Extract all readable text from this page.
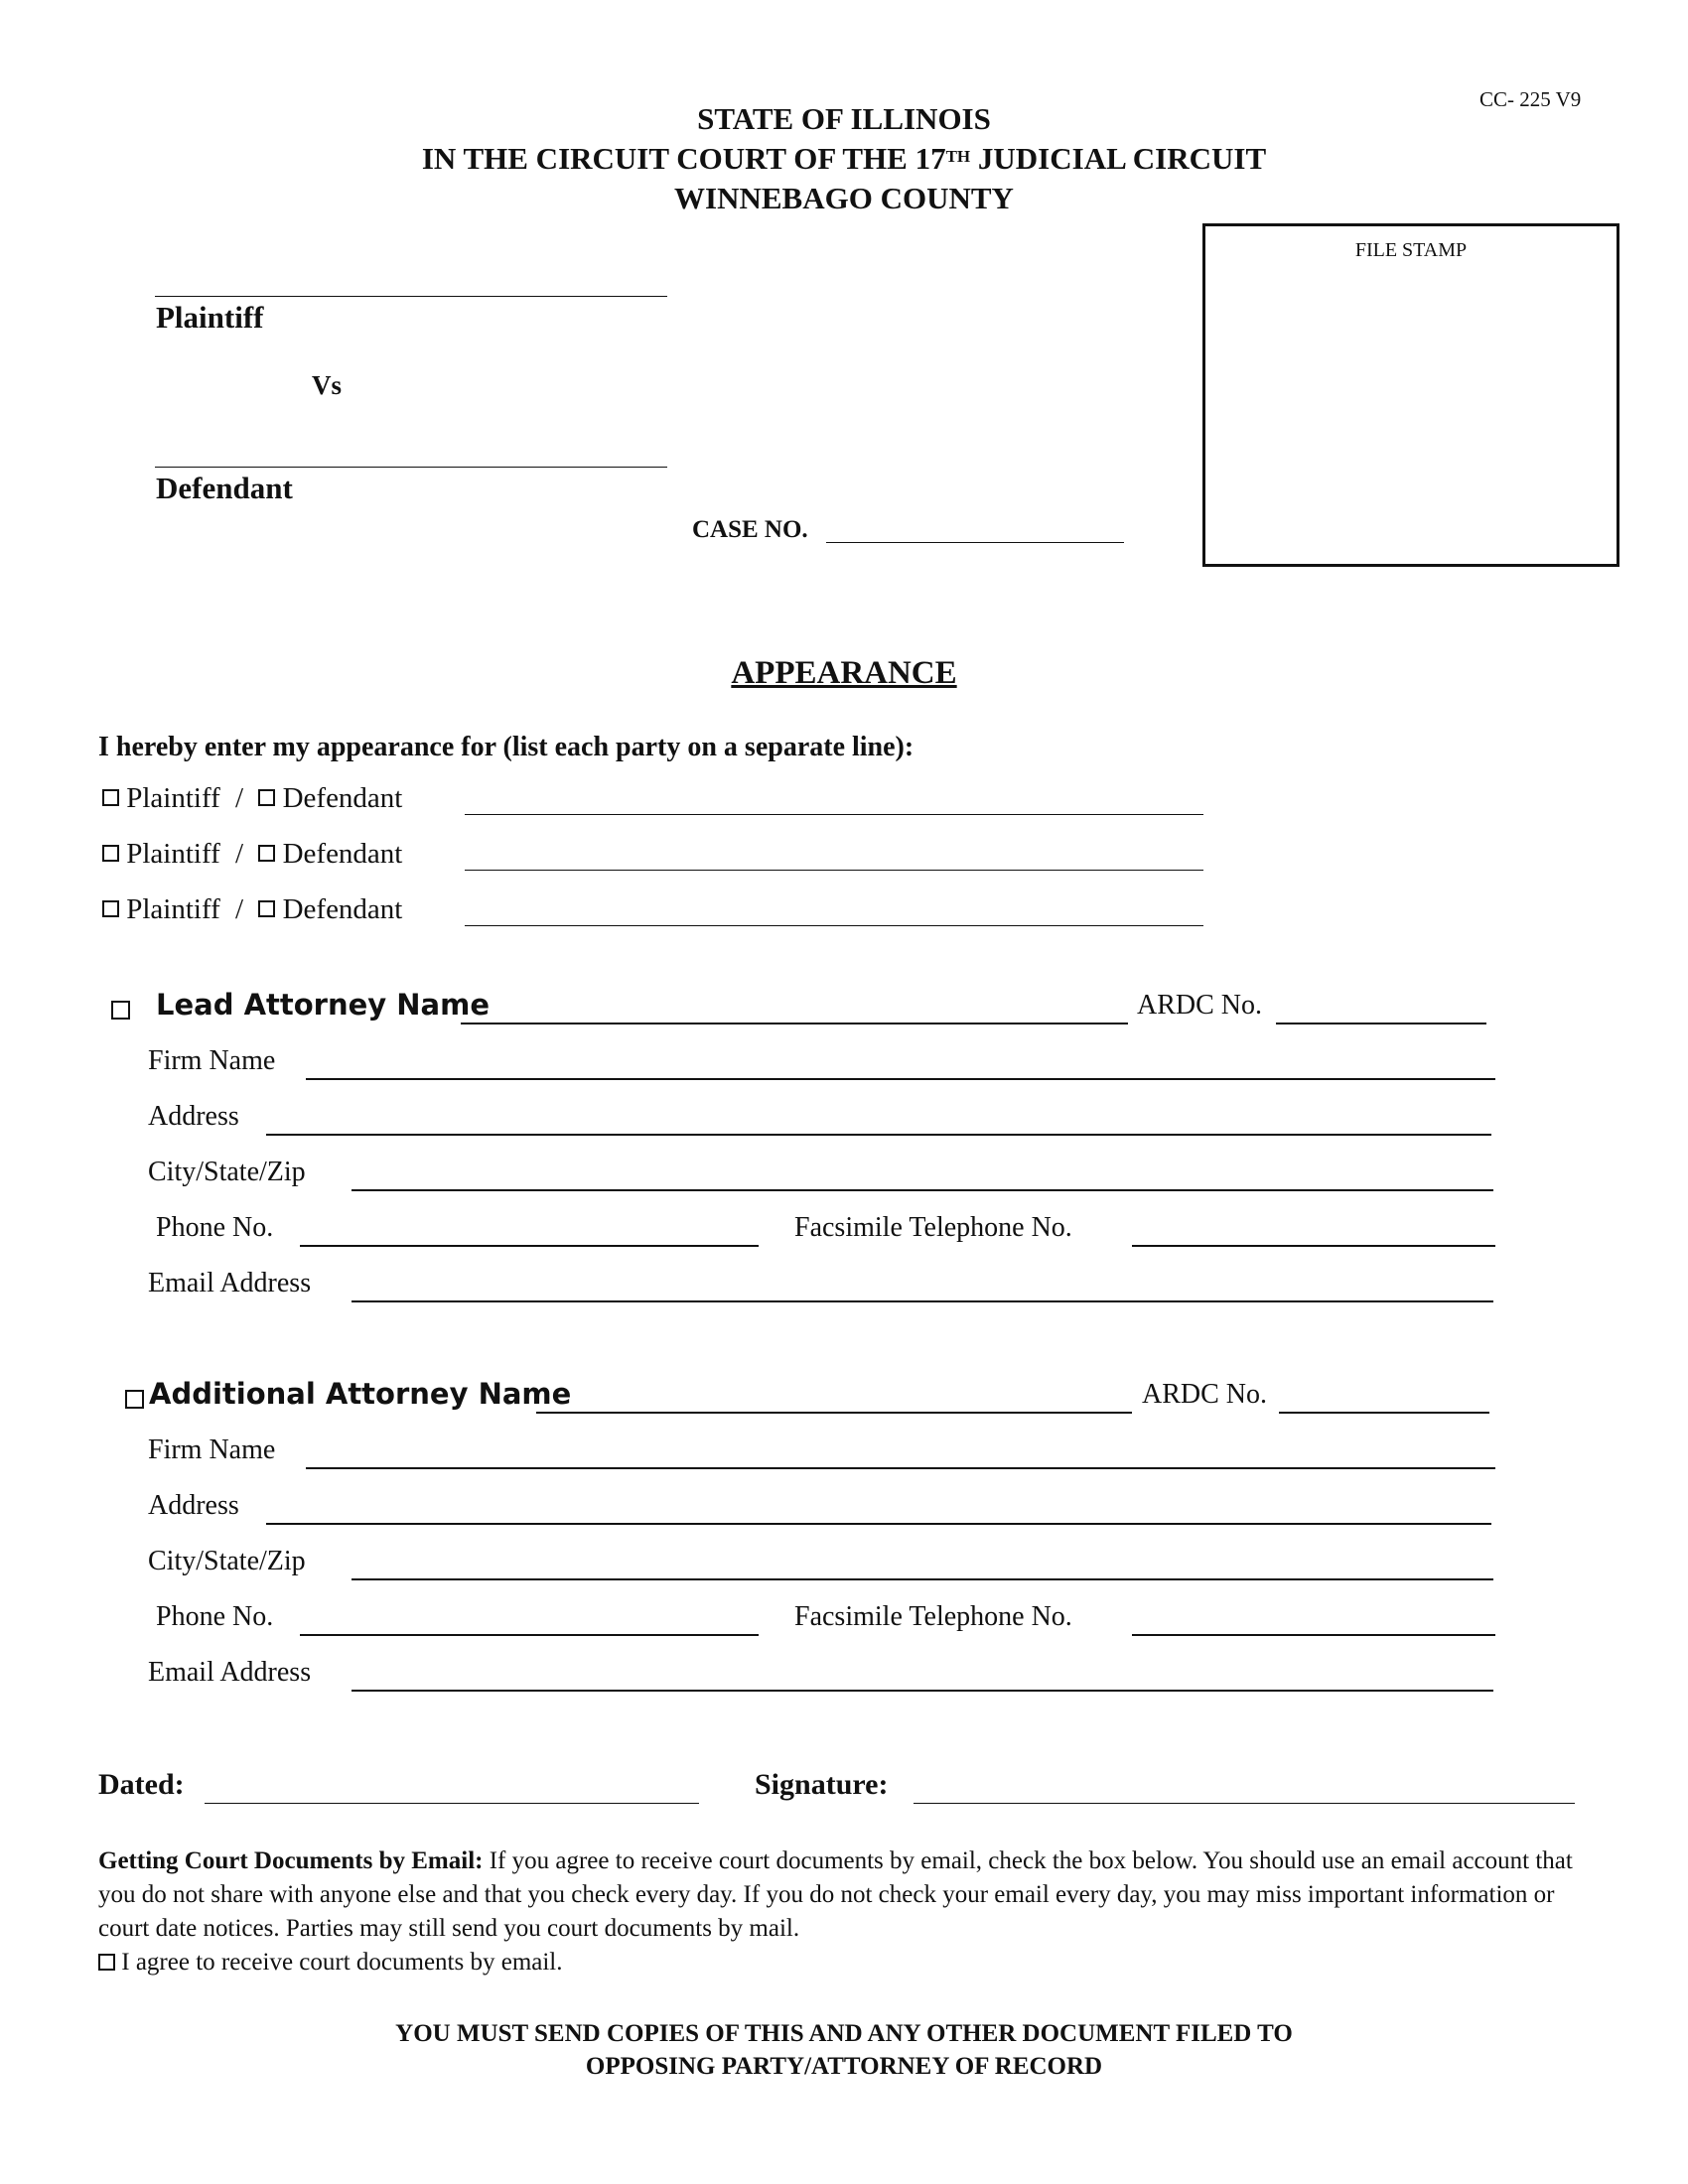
CC- 225 V9
STATE OF ILLINOIS
IN THE CIRCUIT COURT OF THE 17TH JUDICIAL CIRCUIT
WINNEBAGO COUNTY
FILE STAMP
Plaintiff
Vs
Defendant
CASE NO.
APPEARANCE
I hereby enter my appearance for (list each party on a separate line):
Plaintiff / Defendant
Plaintiff / Defendant
Plaintiff / Defendant

Lead Attorney Name	ARDC No.
Firm Name
Address
City/State/Zip
Phone No.	Facsimile Telephone No.
Email Address
Additional Attorney Name	ARDC No.
Firm Name
Address
City/State/Zip
Phone No.	Facsimile Telephone No.
Email Address
Dated:	Signature:
Getting Court Documents by Email: If you agree to receive court documents by email, check the box below. You should use an email account that you do not share with anyone else and that you check every day. If you do not check your email every day, you may miss important information or court date notices. Parties may still send you court documents by mail.
I agree to receive court documents by email.
YOU MUST SEND COPIES OF THIS AND ANY OTHER DOCUMENT FILED TO
OPPOSING PARTY/ATTORNEY OF RECORD
